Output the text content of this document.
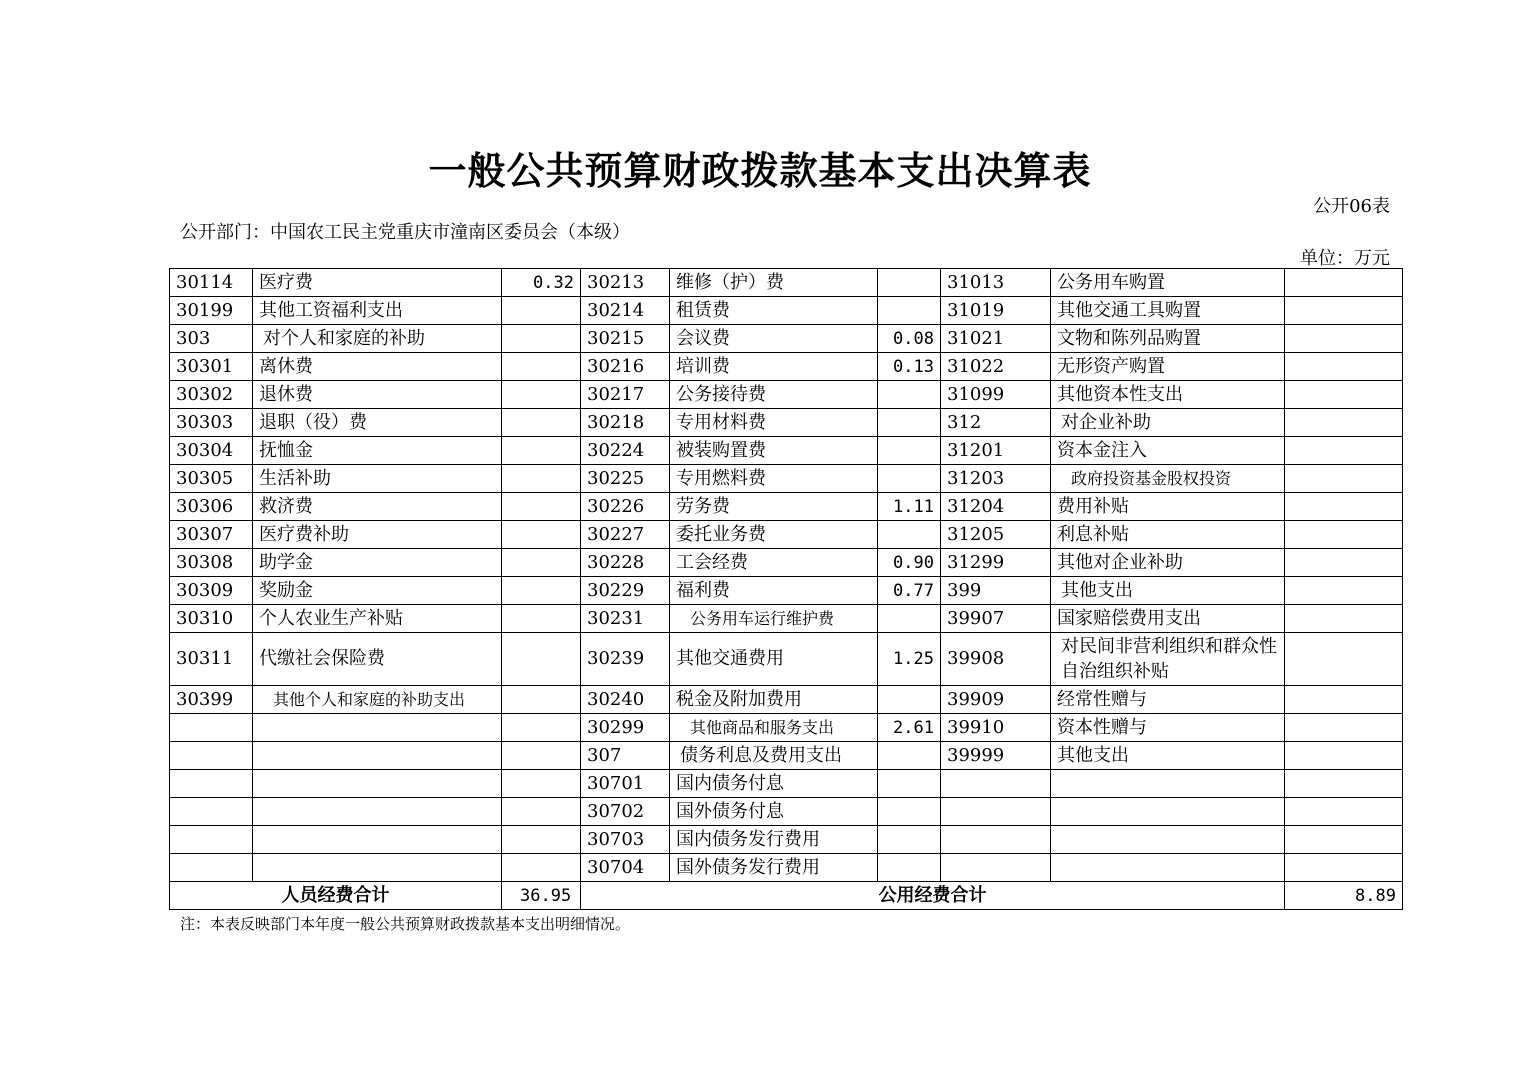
一般公共预算财政拨款基本支出决算表
公开06表
公开部门：中国农工民主党重庆市潼南区委员会（本级）
单位：万元
30114	医疗费	0.32	30213	维修（护）费		31013	公务用车购置	
30199	其他工资福利支出		30214	租赁费		31019	其他交通工具购置	
303	对个人和家庭的补助		30215	会议费	0.08	31021	文物和陈列品购置	
30301	离休费		30216	培训费	0.13	31022	无形资产购置	
30302	退休费		30217	公务接待费		31099	其他资本性支出	
30303	退职（役）费		30218	专用材料费		312	对企业补助	
30304	抚恤金		30224	被装购置费		31201	资本金注入	
30305	生活补助		30225	专用燃料费		31203	政府投资基金股权投资	
30306	救济费		30226	劳务费	1.11	31204	费用补贴	
30307	医疗费补助		30227	委托业务费		31205	利息补贴	
30308	助学金		30228	工会经费	0.90	31299	其他对企业补助	
30309	奖励金		30229	福利费	0.77	399	其他支出	
30310	个人农业生产补贴		30231	公务用车运行维护费		39907	国家赔偿费用支出	
30311	代缴社会保险费		30239	其他交通费用	1.25	39908	对民间非营利组织和群众性自治组织补贴	
30399	其他个人和家庭的补助支出		30240	税金及附加费用		39909	经常性赠与	
			30299	其他商品和服务支出	2.61	39910	资本性赠与	
			307	债务利息及费用支出		39999	其他支出	
			30701	国内债务付息				
			30702	国外债务付息				
			30703	国内债务发行费用				
			30704	国外债务发行费用				
人员经费合计		36.95	公用经费合计					8.89
注：本表反映部门本年度一般公共预算财政拨款基本支出明细情况。
